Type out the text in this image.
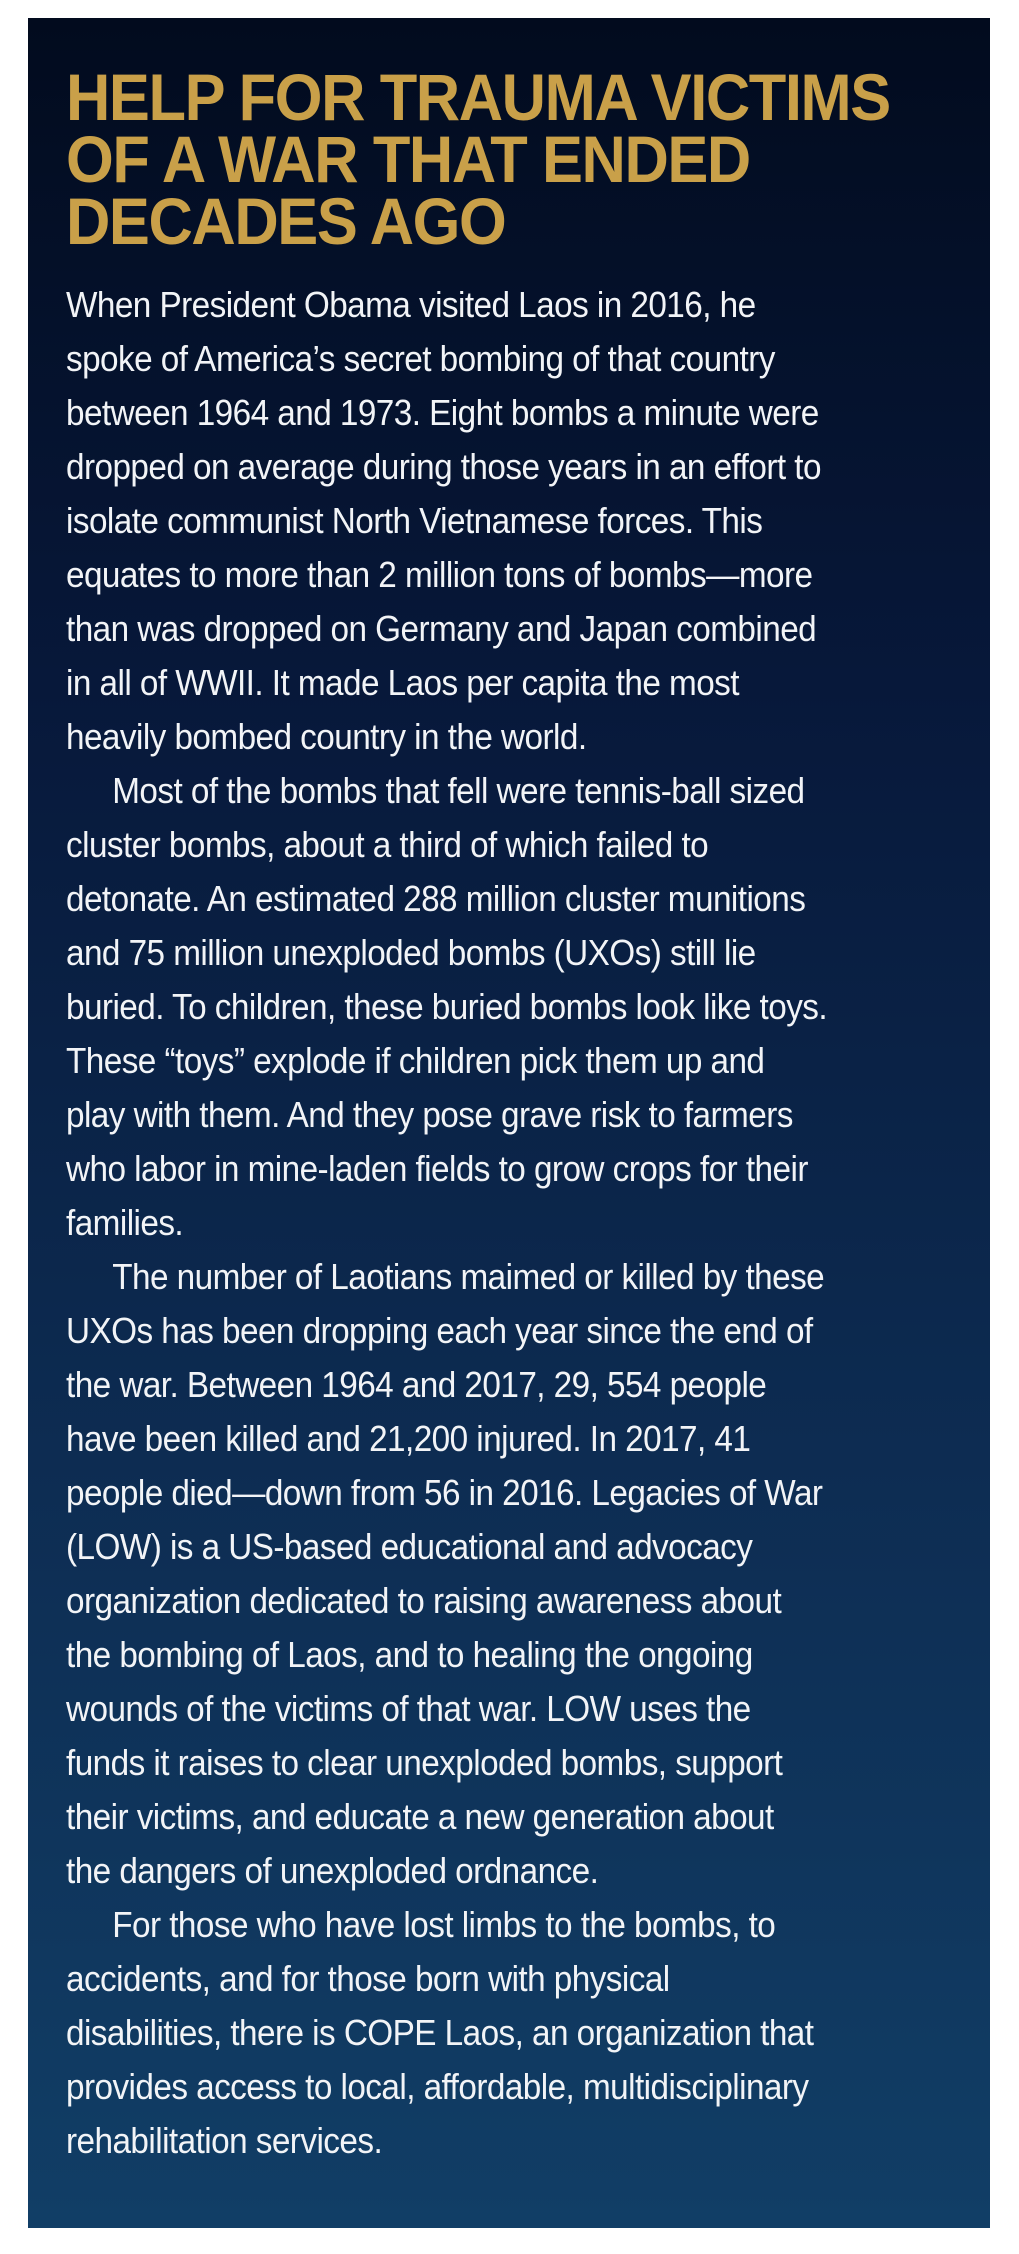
HELP FOR TRAUMA VICTIMS
OF A WAR THAT ENDED
DECADES AGO

When President Obama visited Laos in 2016, he
spoke of America’s secret bombing of that country
between 1964 and 1973. Eight bombs a minute were
dropped on average during those years in an effort to
isolate communist North Vietnamese forces. This
equates to more than 2 million tons of bombs—more
than was dropped on Germany and Japan combined
in all of WWII. It made Laos per capita the most
heavily bombed country in the world.

Most of the bombs that fell were tennis-ball sized
cluster bombs, about a third of which failed to
detonate. An estimated 288 million cluster munitions
and 75 million unexploded bombs (UXOs) still lie
buried. To children, these buried bombs look like toys.
These “toys” explode if children pick them up and
play with them. And they pose grave risk to farmers
who labor in mine-laden fields to grow crops for their
families.

The number of Laotians maimed or killed by these
UXOs has been dropping each year since the end of
the war. Between 1964 and 2017, 29, 554 people
have been killed and 21,200 injured. In 2017, 41
people died—down from 56 in 2016. Legacies of War
(LOW) is a US-based educational and advocacy
organization dedicated to raising awareness about
the bombing of Laos, and to healing the ongoing
wounds of the victims of that war. LOW uses the
funds it raises to clear unexploded bombs, support
their victims, and educate a new generation about
the dangers of unexploded ordnance.

For those who have lost limbs to the bombs, to
accidents, and for those born with physical
disabilities, there is COPE Laos, an organization that
provides access to local, affordable, multidisciplinary
rehabilitation services.
